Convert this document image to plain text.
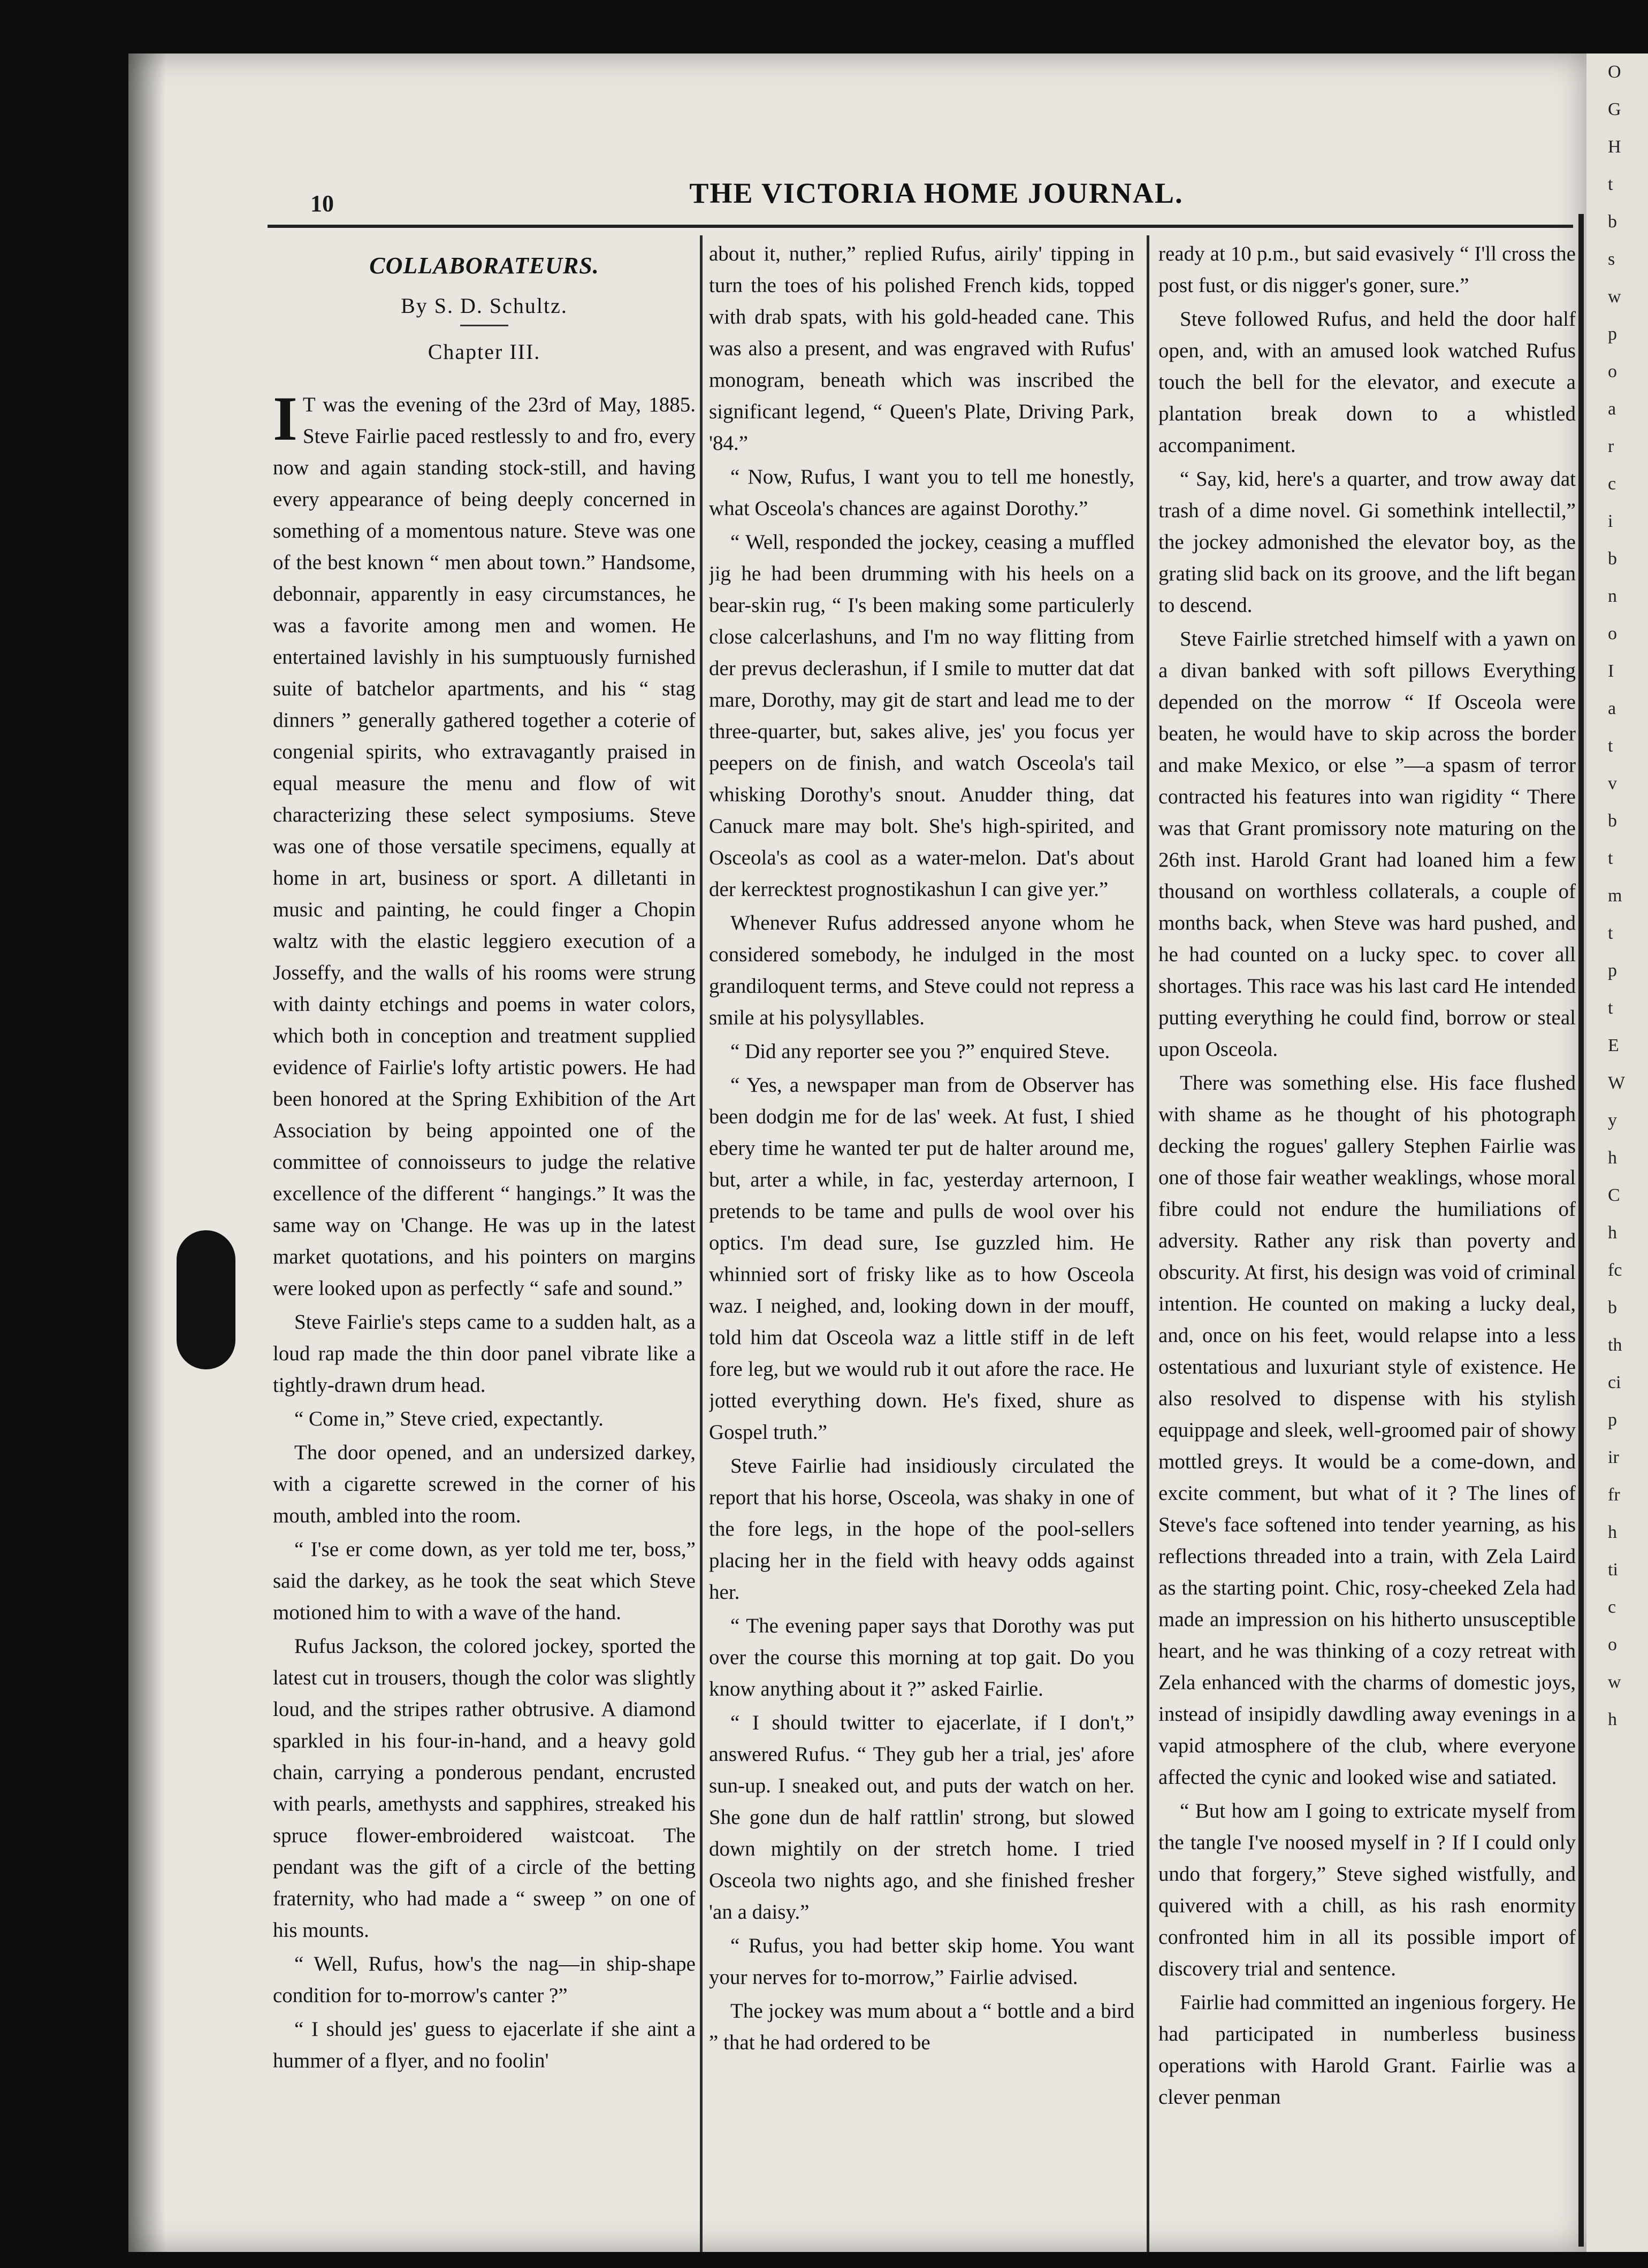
10	THE VICTORIA HOME JOURNAL.
COLLABORATEURS.
By S. D. Schultz.
Chapter III.

I T was the evening of the 23rd of May, 1885. Steve Fairlie paced restlessly to and fro, every now and again standing stock-still, and having every appearance of being deeply concerned in something of a momentous nature. Steve was one of the best known “ men about town.” Handsome, debonnair, apparently in easy circumstances, he was a favorite among men and women. He entertained lavishly in his sumptuously furnished suite of batchelor apartments, and his “ stag dinners ” generally gathered together a coterie of congenial spirits, who extravagantly praised in equal measure the menu and flow of wit characterizing these select symposiums. Steve was one of those versatile specimens, equally at home in art, business or sport. A dilletanti in music and painting, he could finger a Chopin waltz with the elastic leggiero execution of a Josseffy, and the walls of his rooms were strung with dainty etchings and poems in water colors, which both in conception and treatment supplied evidence of Fairlie's lofty artistic powers. He had been honored at the Spring Exhibition of the Art Association by being appointed one of the committee of connoisseurs to judge the relative excellence of the different “ hangings.” It was the same way on 'Change. He was up in the latest market quotations, and his pointers on margins were looked upon as perfectly “ safe and sound.”

Steve Fairlie's steps came to a sudden halt, as a loud rap made the thin door panel vibrate like a tightly-drawn drum head.

“ Come in,” Steve cried, expectantly.

The door opened, and an undersized darkey, with a cigarette screwed in the corner of his mouth, ambled into the room.

“ I'se er come down, as yer told me ter, boss,” said the darkey, as he took the seat which Steve motioned him to with a wave of the hand.

Rufus Jackson, the colored jockey, sported the latest cut in trousers, though the color was slightly loud, and the stripes rather obtrusive. A diamond sparkled in his four-in-hand, and a heavy gold chain, carrying a ponderous pendant, encrusted with pearls, amethysts and sapphires, streaked his spruce flower-embroidered waistcoat. The pendant was the gift of a circle of the betting fraternity, who had made a “ sweep ” on one of his mounts.

“ Well, Rufus, how's the nag—in ship-shape condition for to-morrow's canter ?”

“ I should jes' guess to ejacerlate if she aint a hummer of a flyer, and no foolin'

about it, nuther,” replied Rufus, airily' tipping in turn the toes of his polished French kids, topped with drab spats, with his gold-headed cane. This was also a present, and was engraved with Rufus' monogram, beneath which was inscribed the significant legend, “ Queen's Plate, Driving Park, '84.”

“ Now, Rufus, I want you to tell me honestly, what Osceola's chances are against Dorothy.”

“ Well, responded the jockey, ceasing a muffled jig he had been drumming with his heels on a bear-skin rug, “ I's been making some particulerly close calcerlashuns, and I'm no way flitting from der prevus declerashun, if I smile to mutter dat dat mare, Dorothy, may git de start and lead me to der three-quarter, but, sakes alive, jes' you focus yer peepers on de finish, and watch Osceola's tail whisking Dorothy's snout. Anudder thing, dat Canuck mare may bolt. She's high-spirited, and Osceola's as cool as a water-melon. Dat's about der kerrecktest prognostikashun I can give yer.”

Whenever Rufus addressed anyone whom he considered somebody, he indulged in the most grandiloquent terms, and Steve could not repress a smile at his polysyllables.

“ Did any reporter see you ?” enquired Steve.

“ Yes, a newspaper man from de Observer has been dodgin me for de las' week. At fust, I shied ebery time he wanted ter put de halter around me, but, arter a while, in fac, yesterday arternoon, I pretends to be tame and pulls de wool over his optics. I'm dead sure, Ise guzzled him. He whinnied sort of frisky like as to how Osceola waz. I neighed, and, looking down in der mouff, told him dat Osceola waz a little stiff in de left fore leg, but we would rub it out afore the race. He jotted everything down. He's fixed, shure as Gospel truth.”

Steve Fairlie had insidiously circulated the report that his horse, Osceola, was shaky in one of the fore legs, in the hope of the pool-sellers placing her in the field with heavy odds against her.

“ The evening paper says that Dorothy was put over the course this morning at top gait. Do you know anything about it ?” asked Fairlie.

“ I should twitter to ejacerlate, if I don't,” answered Rufus. “ They gub her a trial, jes' afore sun-up. I sneaked out, and puts der watch on her. She gone dun de half rattlin' strong, but slowed down mightily on der stretch home. I tried Osceola two nights ago, and she finished fresher 'an a daisy.”

“ Rufus, you had better skip home. You want your nerves for to-morrow,” Fairlie advised.

The jockey was mum about a “ bottle and a bird ” that he had ordered to be

ready at 10 p.m., but said evasively “ I'll cross the post fust, or dis nigger's goner, sure.”

Steve followed Rufus, and held the door half open, and, with an amused look watched Rufus touch the bell for the elevator, and execute a plantation break down to a whistled accompaniment.

“ Say, kid, here's a quarter, and trow away dat trash of a dime novel. Gi somethink intellectil,” the jockey admonished the elevator boy, as the grating slid back on its groove, and the lift began to descend.

Steve Fairlie stretched himself with a yawn on a divan banked with soft pillows Everything depended on the morrow “ If Osceola were beaten, he would have to skip across the border and make Mexico, or else ”—a spasm of terror contracted his features into wan rigidity “ There was that Grant promissory note maturing on the 26th inst. Harold Grant had loaned him a few thousand on worthless collaterals, a couple of months back, when Steve was hard pushed, and he had counted on a lucky spec. to cover all shortages. This race was his last card He intended putting everything he could find, borrow or steal upon Osceola.

There was something else. His face flushed with shame as he thought of his photograph decking the rogues' gallery Stephen Fairlie was one of those fair weather weaklings, whose moral fibre could not endure the humiliations of adversity. Rather any risk than poverty and obscurity. At first, his design was void of criminal intention. He counted on making a lucky deal, and, once on his feet, would relapse into a less ostentatious and luxuriant style of existence. He also resolved to dispense with his stylish equippage and sleek, well-groomed pair of showy mottled greys. It would be a come-down, and excite comment, but what of it ? The lines of Steve's face softened into tender yearning, as his reflections threaded into a train, with Zela Laird as the starting point. Chic, rosy-cheeked Zela had made an impression on his hitherto unsusceptible heart, and he was thinking of a cozy retreat with Zela enhanced with the charms of domestic joys, instead of insipidly dawdling away evenings in a vapid atmosphere of the club, where everyone affected the cynic and looked wise and satiated.

“ But how am I going to extricate myself from the tangle I've noosed myself in ? If I could only undo that forgery,” Steve sighed wistfully, and quivered with a chill, as his rash enormity confronted him in all its possible import of discovery trial and sentence.

Fairlie had committed an ingenious forgery. He had participated in numberless business operations with Harold Grant. Fairlie was a clever penman

O
G
H
t
b
s
w
p
o
a
r
c
i
b
n
o
I
a
t
v
b
t
m
t
p
t
E
W
y
h
C
h
fc
b
th
ci
p
ir
fr
h
ti
c
o
w
h
